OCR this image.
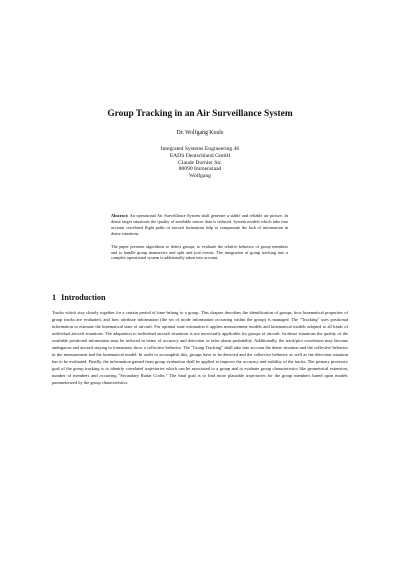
Group Tracking in an Air Surveillance System
Dr. Wolfgang Koule
Integrated Systems Engineering 46
EADS Deutschland GmbH
Claude Dornier Str.
88090 Immenstaad
Wolfgang

Abstract: An operational Air Surveillance System shall generate a stable and reliable air picture. In dense target situations the quality of available sensor data is reduced. System models which take into account correlated flight paths of aircraft formations help to compensate the lack of information in dense situations.

The paper presents algorithms to detect groups, to evaluate the relative behavior of group members and to handle group maneuvers and split and join events. The integration of group tracking into a complex operational system is additionally taken into account.

1 Introduction

Tracks which stay closely together for a certain period of time belong to a group. This chapter describes the identification of groups, how kinematical properties of group tracks are evaluated, and how attribute information (the set of mode information occurring within the group) is managed. The "Tracking" uses positional information to estimate the kinematical state of aircraft. For optimal state estimation it applies measurement models and kinematical models adapted to all kinds of individual aircraft situations. The adaptation to individual aircraft situations is not necessarily applicable for groups of aircraft. In dense situations the quality of the available positional information may be reduced in terms of accuracy and detection or false alarm probability. Additionally, the track/plot correlation may become ambiguous and aircraft staying in formations show a collective behavior. The "Group Tracking" shall take into account the dense situation and the collective behavior in the measurement and the kinematical model. In order to accomplish this, groups have to be detected and the collective behavior as well as the detection situation has to be evaluated. Finally, the information gained from group evaluation shall be applied to improve the accuracy and stability of the tracks. The primary provisory goal of the group tracking is to identify correlated trajectories which can be associated to a group and to evaluate group characteristics like geometrical extension, number of members and occurring "Secondary Radar Codes." The final goal is to find more plausible trajectories for the group members based upon models parameterized by the group characteristics.
